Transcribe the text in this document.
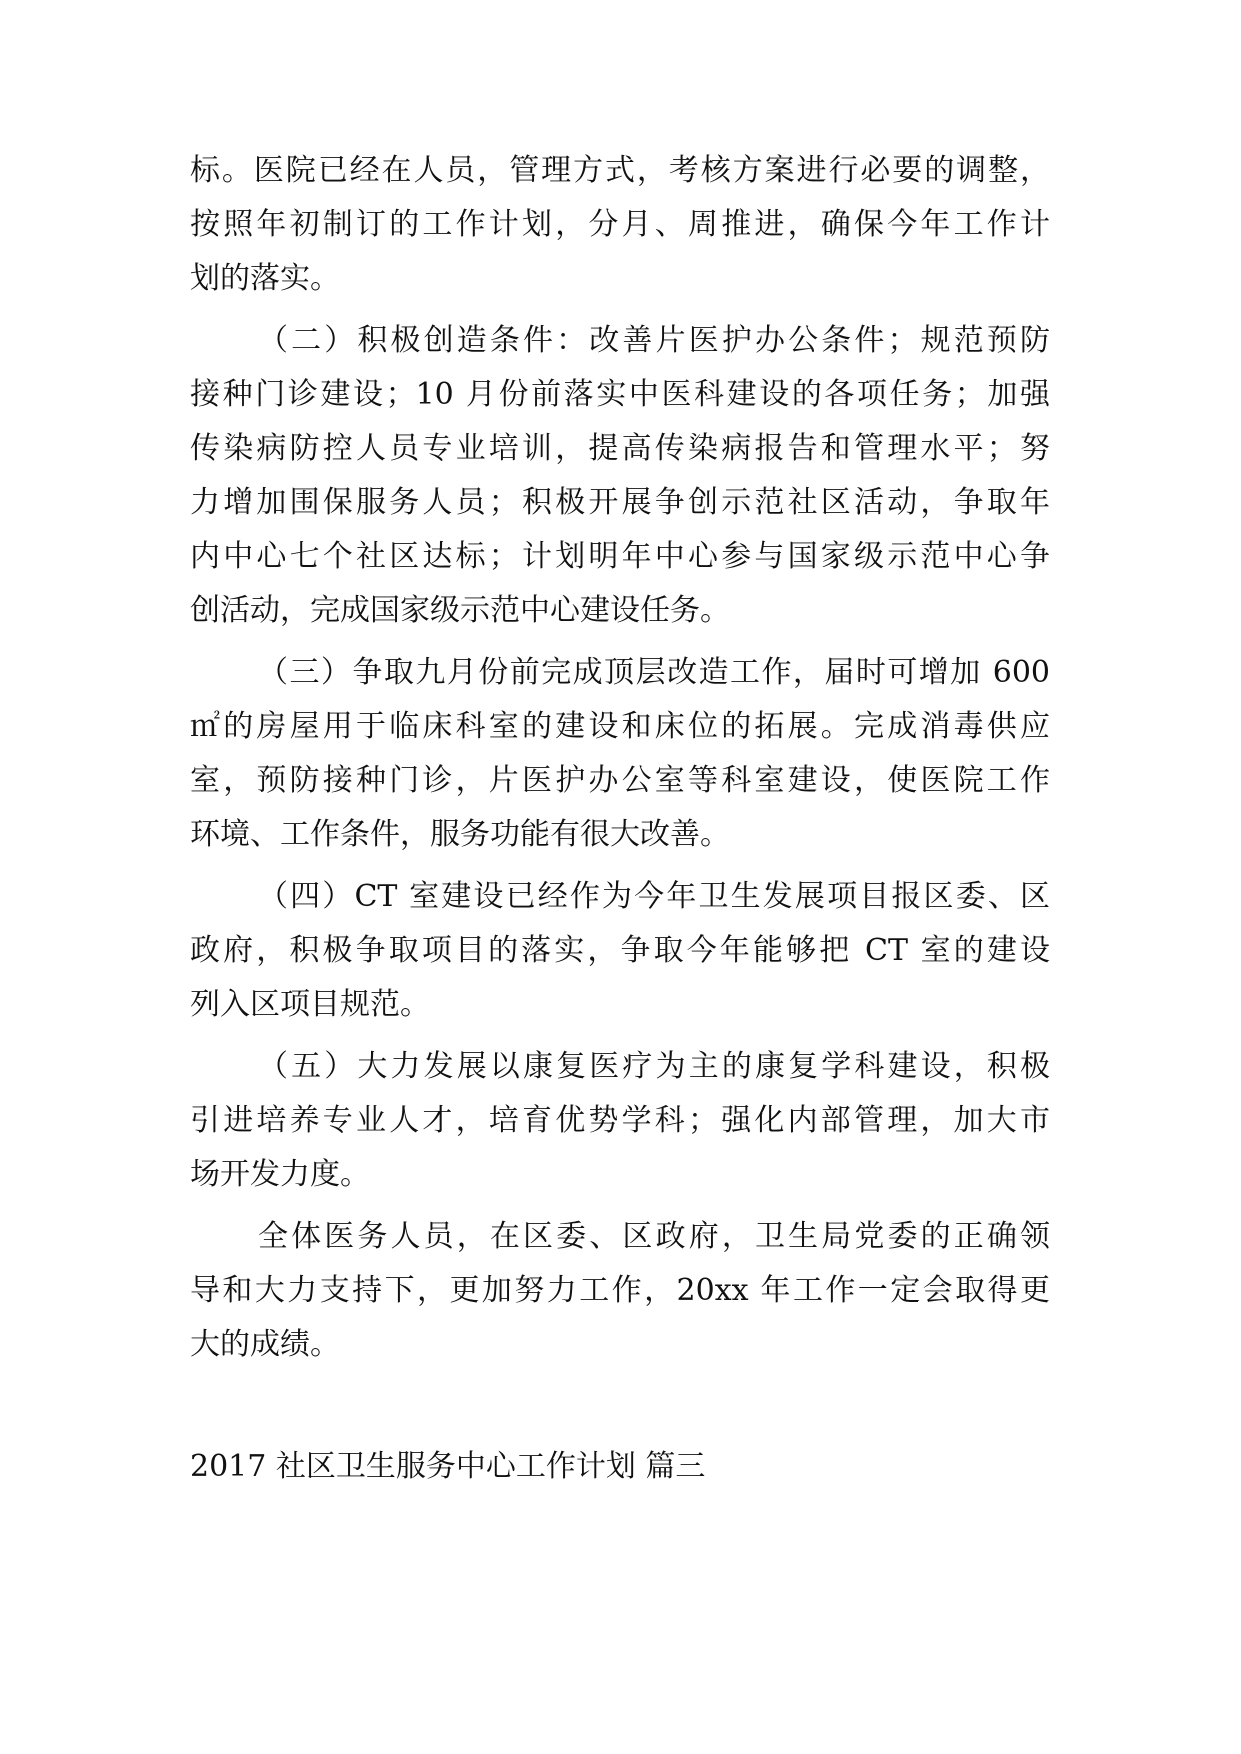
标。医院已经在人员，管理方式，考核方案进行必要的调整，
按照年初制订的工作计划，分月、周推进，确保今年工作计
划的落实。
（二）积极创造条件：改善片医护办公条件；规范预防
接种门诊建设；10 月份前落实中医科建设的各项任务；加强
传染病防控人员专业培训，提高传染病报告和管理水平；努
力增加围保服务人员；积极开展争创示范社区活动，争取年
内中心七个社区达标；计划明年中心参与国家级示范中心争
创活动，完成国家级示范中心建设任务。
（三）争取九月份前完成顶层改造工作，届时可增加 600
㎡的房屋用于临床科室的建设和床位的拓展。完成消毒供应
室，预防接种门诊，片医护办公室等科室建设，使医院工作
环境、工作条件，服务功能有很大改善。
（四）CT 室建设已经作为今年卫生发展项目报区委、区
政府，积极争取项目的落实，争取今年能够把 CT 室的建设
列入区项目规范。
（五）大力发展以康复医疗为主的康复学科建设，积极
引进培养专业人才，培育优势学科；强化内部管理，加大市
场开发力度。
全体医务人员，在区委、区政府，卫生局党委的正确领
导和大力支持下，更加努力工作，20xx 年工作一定会取得更
大的成绩。
2017 社区卫生服务中心工作计划 篇三
